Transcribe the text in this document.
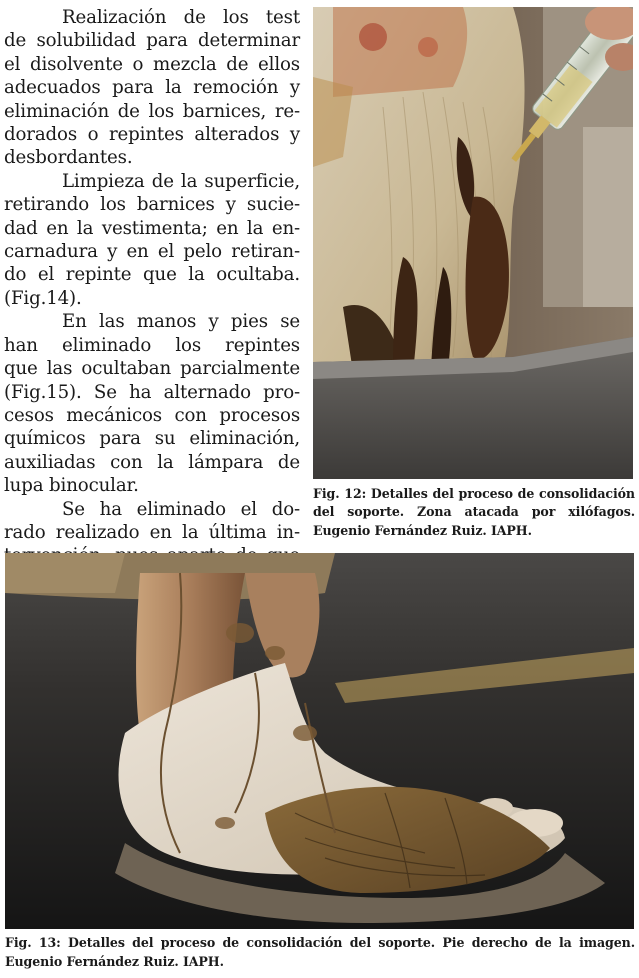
Realización de los test
de solubilidad para determinar
el disolvente o mezcla de ellos
adecuados para la remoción y
eliminación de los barnices, re-
dorados o repintes alterados y
desbordantes.

Limpieza de la superficie,
retirando los barnices y sucie-
dad en la vestimenta; en la en-
carnadura y en el pelo retiran-
do el repinte que la ocultaba.
(Fig.14).

En las manos y pies se
han eliminado los repintes
que las ocultaban parcialmente
(Fig.15). Se ha alternado pro-
cesos mecánicos con procesos
químicos para su eliminación,
auxiliadas con la lámpara de
lupa binocular.

Se ha eliminado el do-
rado realizado en la última in-

Fig. 12: Detalles del proceso de consolidación del soporte. Zona atacada por xilófagos. Eugenio Fernández Ruiz. IAPH.
Fig. 13: Detalles del proceso de consolidación del soporte. Pie derecho de la imagen. Eugenio Fernández Ruiz. IAPH.
